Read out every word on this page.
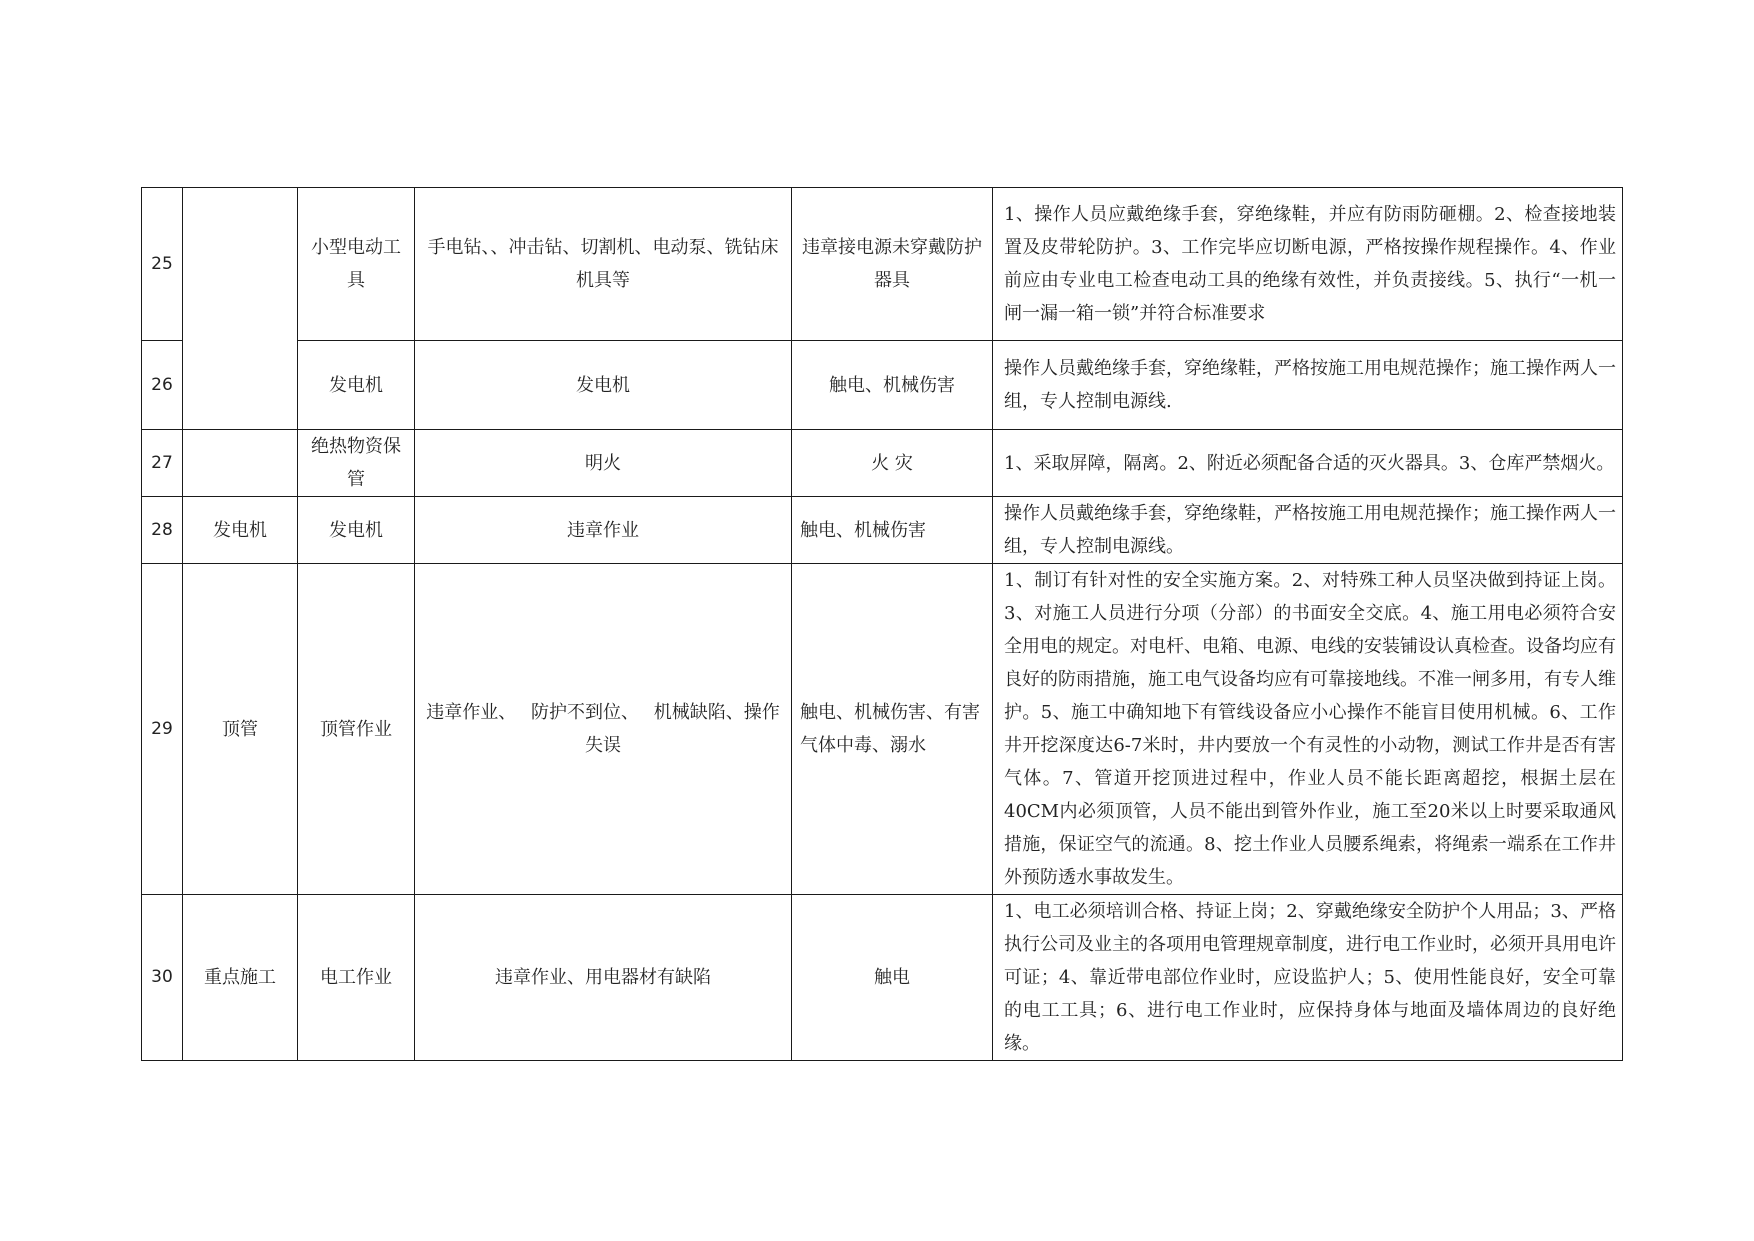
25		小型电动工具	手电钻、、冲击钻、切割机、电动泵、铣钻床机具等	违章接电源未穿戴防护器具	1、操作人员应戴绝缘手套，穿绝缘鞋，并应有防雨防砸棚。2、检查接地装置及皮带轮防护。3、工作完毕应切断电源，严格按操作规程操作。4、作业前应由专业电工检查电动工具的绝缘有效性，并负责接线。5、执行“一机一闸一漏一箱一锁”并符合标准要求
26		发电机	发电机	触电、机械伤害	操作人员戴绝缘手套，穿绝缘鞋，严格按施工用电规范操作；施工操作两人一组，专人控制电源线.
27		绝热物资保管	明火	火 灾	1、采取屏障，隔离。2、附近必须配备合适的灭火器具。3、仓库严禁烟火。
28	发电机	发电机	违章作业	触电、机械伤害	操作人员戴绝缘手套，穿绝缘鞋，严格按施工用电规范操作；施工操作两人一组，专人控制电源线。
29	顶管	顶管作业	违章作业、　 防护不到位、　 机械缺陷、操作失误	触电、机械伤害、有害气体中毒、溺水	1、制订有针对性的安全实施方案。2、对特殊工种人员坚决做到持证上岗。3、对施工人员进行分项（分部）的书面安全交底。4、施工用电必须符合安全用电的规定。对电杆、电箱、电源、电线的安装铺设认真检查。设备均应有良好的防雨措施，施工电气设备均应有可靠接地线。不准一闸多用，有专人维护。5、施工中确知地下有管线设备应小心操作不能盲目使用机械。6、工作井开挖深度达6-7米时，井内要放一个有灵性的小动物，测试工作井是否有害气体。7、管道开挖顶进过程中，作业人员不能长距离超挖，根据土层在40CM内必须顶管，人员不能出到管外作业，施工至20米以上时要采取通风措施，保证空气的流通。8、挖土作业人员腰系绳索，将绳索一端系在工作井外预防透水事故发生。
30	重点施工	电工作业	违章作业、用电器材有缺陷	触电	1、电工必须培训合格、持证上岗；2、穿戴绝缘安全防护个人用品；3、严格执行公司及业主的各项用电管理规章制度，进行电工作业时，必须开具用电许可证；4、靠近带电部位作业时，应设监护人；5、使用性能良好，安全可靠的电工工具；6、进行电工作业时，应保持身体与地面及墙体周边的良好绝缘。
